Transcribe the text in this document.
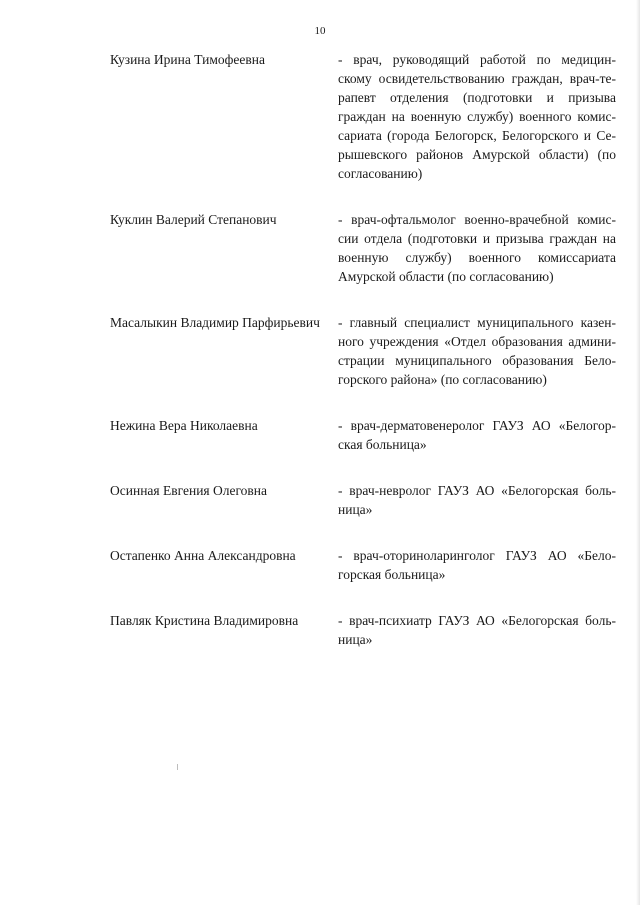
10
Кузина Ирина Тимофеевна	- врач, руководящий работой по медицин-
скому освидетельствованию граждан, врач-те-
рапевт отделения (подготовки и призыва
граждан на военную службу) военного комис-
сариата (города Белогорск, Белогорского и Се-
рышевского районов Амурской области) (по
согласованию)
Куклин Валерий Степанович	- врач-офтальмолог военно-врачебной комис-
сии отдела (подготовки и призыва граждан на
военную службу) военного комиссариата
Амурской области (по согласованию)
Масалыкин Владимир Парфирьевич	- главный специалист муниципального казен-
ного учреждения «Отдел образования админи-
страции муниципального образования Бело-
горского района» (по согласованию)
Нежина Вера Николаевна	- врач-дерматовенеролог ГАУЗ АО «Белогор-
ская больница»
Осинная Евгения Олеговна	- врач-невролог ГАУЗ АО «Белогорская боль-
ница»
Остапенко Анна Александровна	- врач-оториноларинголог ГАУЗ АО «Бело-
горская больница»
Павляк Кристина Владимировна	- врач-психиатр ГАУЗ АО «Белогорская боль-
ница»
